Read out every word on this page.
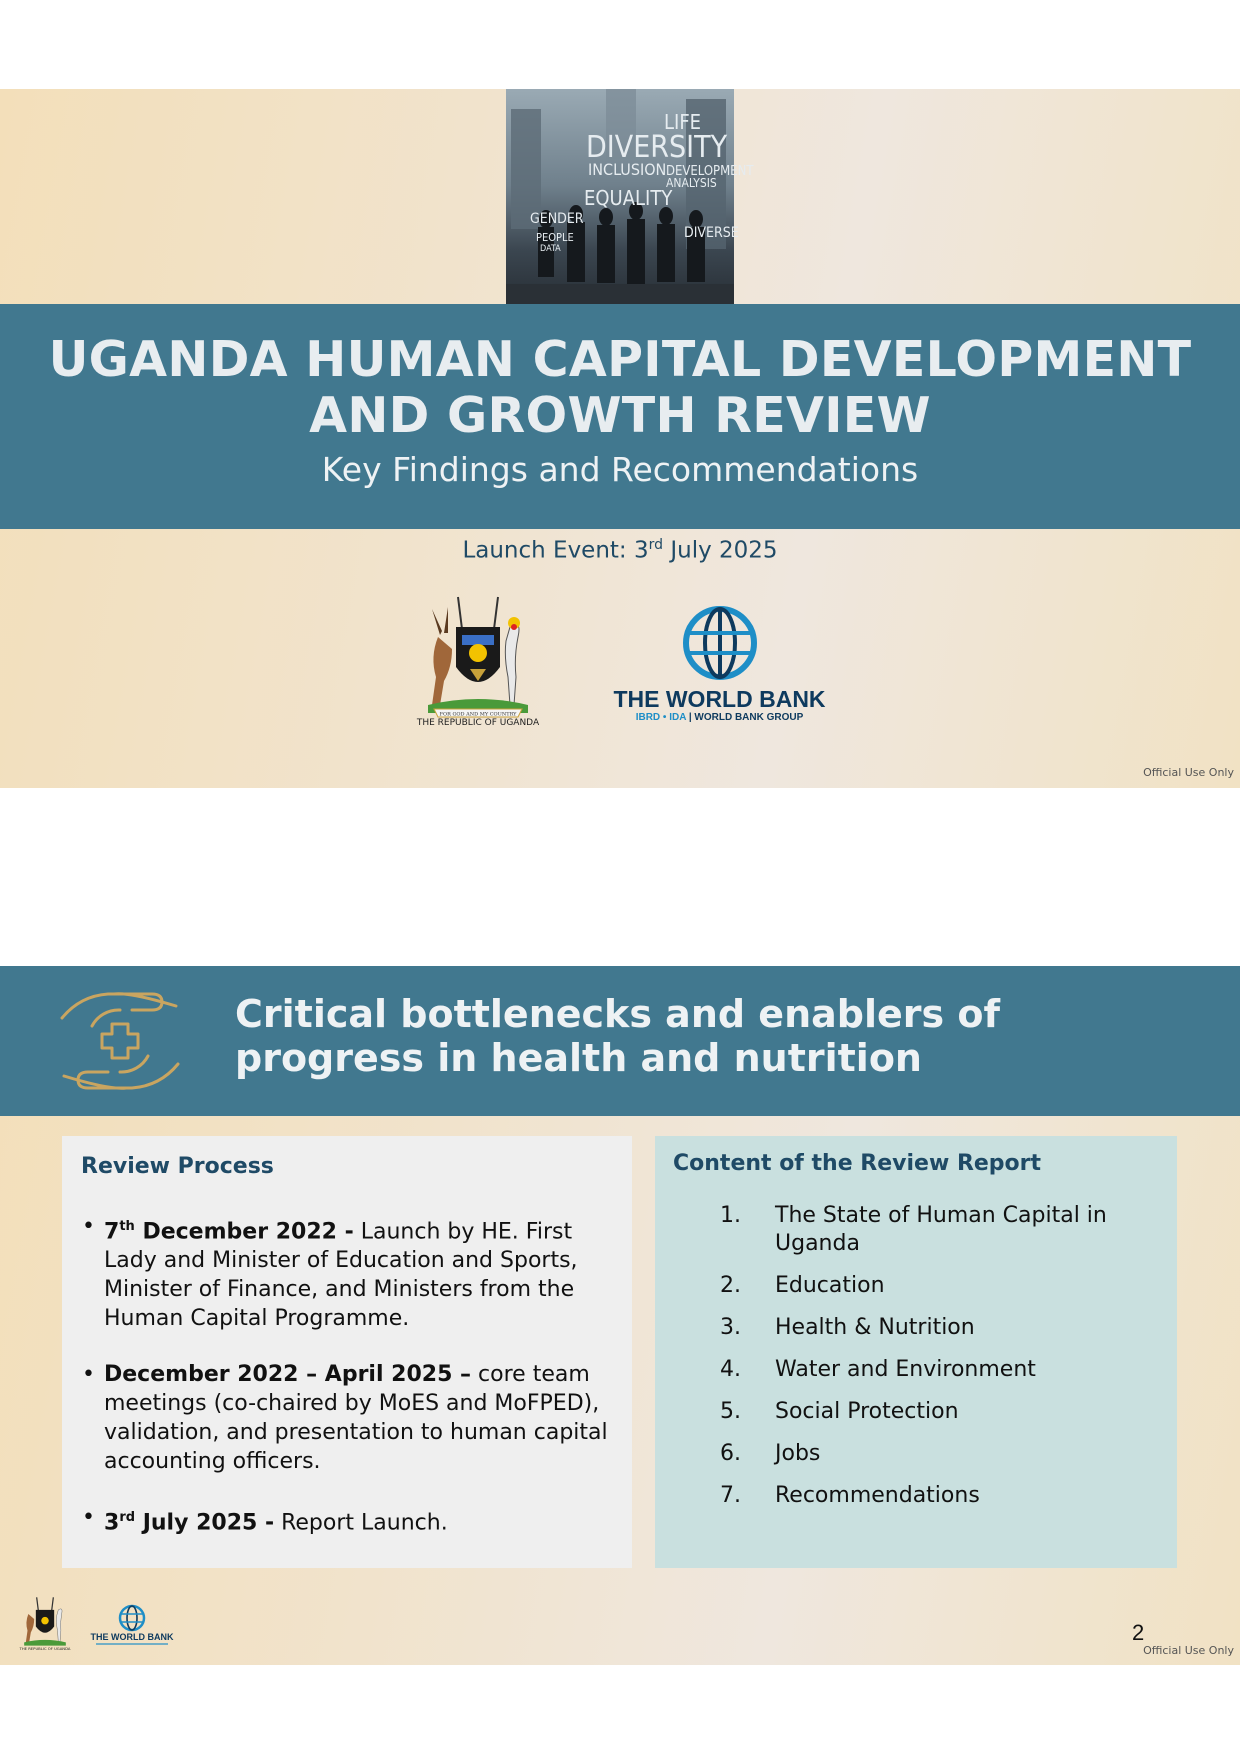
LIFE
DIVERSITY
INCLUSION DEVELOPMENT
ANALYSIS
EQUALITY
GENDER
PEOPLE	DIVERSE
DATA
UGANDA HUMAN CAPITAL DEVELOPMENT
AND GROWTH REVIEW
Key Findings and Recommendations
Launch Event: 3rd July 2025
FOR GOD AND MY COUNTRY
THE REPUBLIC OF UGANDA
THE WORLD BANK
IBRD • IDA | WORLD BANK GROUP
Official Use Only
Critical bottlenecks and enablers of
progress in health and nutrition
Review Process
• 7th December 2022 - Launch by HE. First Lady and Minister of Education and Sports, Minister of Finance, and Ministers from the Human Capital Programme.
• December 2022 – April 2025 – core team meetings (co-chaired by MoES and MoFPED), validation, and presentation to human capital accounting officers.
• 3rd July 2025 - Report Launch.
Content of the Review Report
1.	The State of Human Capital in Uganda
2.	Education
3.	Health & Nutrition
4.	Water and Environment
5.	Social Protection
6.	Jobs
7.	Recommendations
THE REPUBLIC OF UGANDA
THE WORLD BANK	2
Official Use Only
